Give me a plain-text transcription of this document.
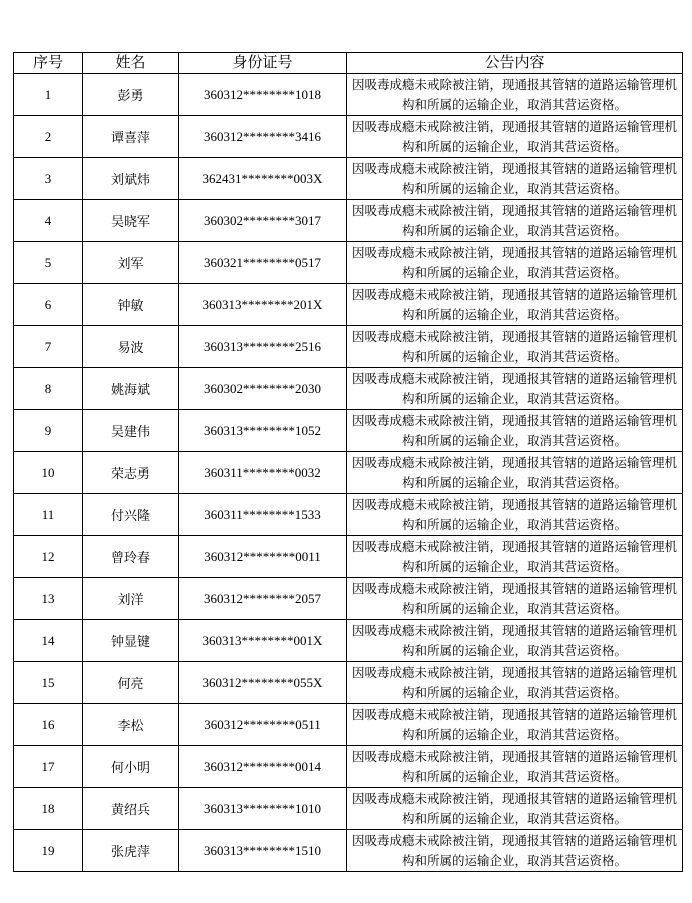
序号	姓名	身份证号	公告内容
1	彭勇	360312********1018	因吸毒成瘾未戒除被注销，现通报其管辖的道路运输管理机构和所属的运输企业，取消其营运资格。
2	谭喜萍	360312********3416	因吸毒成瘾未戒除被注销，现通报其管辖的道路运输管理机构和所属的运输企业，取消其营运资格。
3	刘斌炜	362431********003X	因吸毒成瘾未戒除被注销，现通报其管辖的道路运输管理机构和所属的运输企业，取消其营运资格。
4	吴晓军	360302********3017	因吸毒成瘾未戒除被注销，现通报其管辖的道路运输管理机构和所属的运输企业，取消其营运资格。
5	刘军	360321********0517	因吸毒成瘾未戒除被注销，现通报其管辖的道路运输管理机构和所属的运输企业，取消其营运资格。
6	钟敏	360313********201X	因吸毒成瘾未戒除被注销，现通报其管辖的道路运输管理机构和所属的运输企业，取消其营运资格。
7	易波	360313********2516	因吸毒成瘾未戒除被注销，现通报其管辖的道路运输管理机构和所属的运输企业，取消其营运资格。
8	姚海斌	360302********2030	因吸毒成瘾未戒除被注销，现通报其管辖的道路运输管理机构和所属的运输企业，取消其营运资格。
9	吴建伟	360313********1052	因吸毒成瘾未戒除被注销，现通报其管辖的道路运输管理机构和所属的运输企业，取消其营运资格。
10	荣志勇	360311********0032	因吸毒成瘾未戒除被注销，现通报其管辖的道路运输管理机构和所属的运输企业，取消其营运资格。
11	付兴隆	360311********1533	因吸毒成瘾未戒除被注销，现通报其管辖的道路运输管理机构和所属的运输企业，取消其营运资格。
12	曾玲春	360312********0011	因吸毒成瘾未戒除被注销，现通报其管辖的道路运输管理机构和所属的运输企业，取消其营运资格。
13	刘洋	360312********2057	因吸毒成瘾未戒除被注销，现通报其管辖的道路运输管理机构和所属的运输企业，取消其营运资格。
14	钟显键	360313********001X	因吸毒成瘾未戒除被注销，现通报其管辖的道路运输管理机构和所属的运输企业，取消其营运资格。
15	何亮	360312********055X	因吸毒成瘾未戒除被注销，现通报其管辖的道路运输管理机构和所属的运输企业，取消其营运资格。
16	李松	360312********0511	因吸毒成瘾未戒除被注销，现通报其管辖的道路运输管理机构和所属的运输企业，取消其营运资格。
17	何小明	360312********0014	因吸毒成瘾未戒除被注销，现通报其管辖的道路运输管理机构和所属的运输企业，取消其营运资格。
18	黄绍兵	360313********1010	因吸毒成瘾未戒除被注销，现通报其管辖的道路运输管理机构和所属的运输企业，取消其营运资格。
19	张虎萍	360313********1510	因吸毒成瘾未戒除被注销，现通报其管辖的道路运输管理机构和所属的运输企业，取消其营运资格。
